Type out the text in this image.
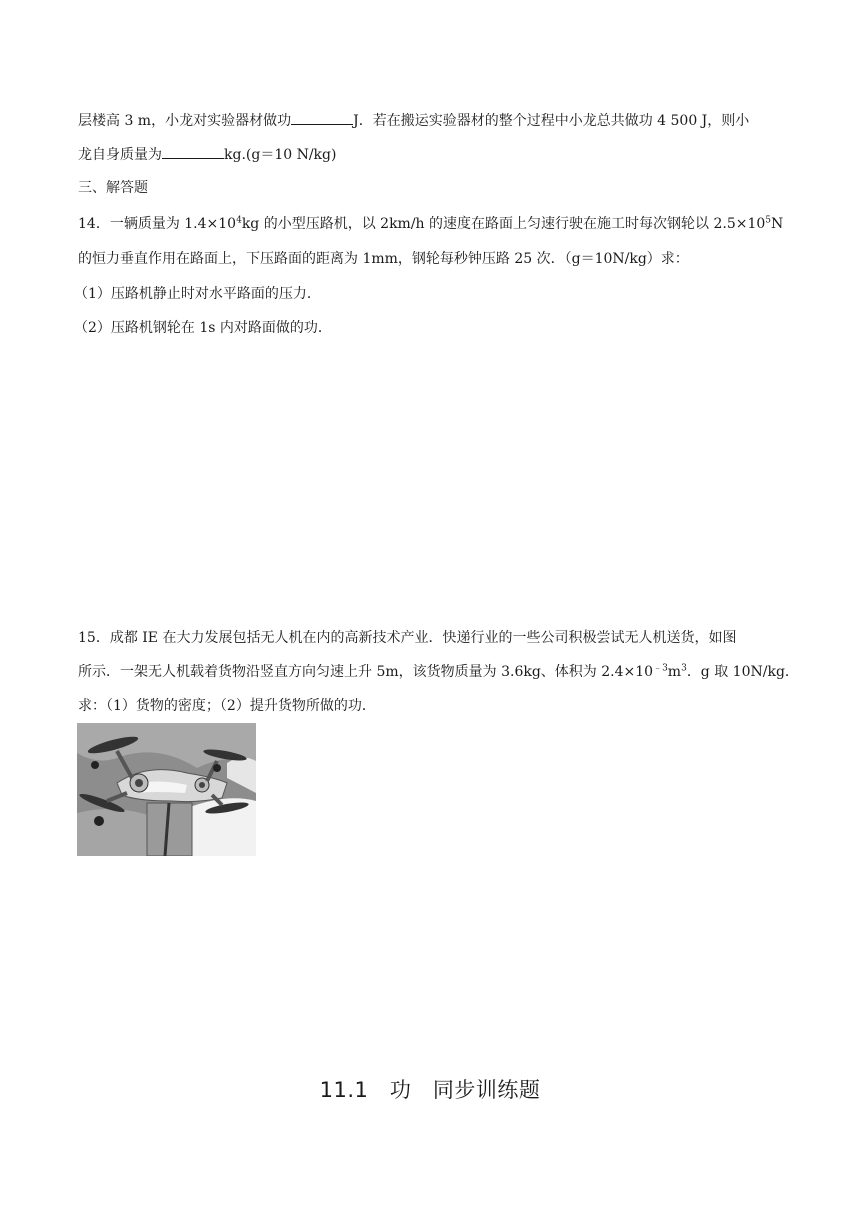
层楼高 3 m，小龙对实验器材做功	J．若在搬运实验器材的整个过程中小龙总共做功 4 500 J，则小
龙自身质量为	kg.(g＝10 N/kg)
三、解答题
14．一辆质量为 $1.4\times 10^4kg$ 的小型压路机，以 2km/h 的速度在路面上匀速行驶在施工时每次钢轮以 $2.5\times 10^5N$
的恒力垂直作用在路面上，下压路面的距离为 1mm，钢轮每秒钟压路 25 次．（g＝10N/kg）求：
（1）压路机静止时对水平路面的压力．
（2）压路机钢轮在 1s 内对路面做的功．
15．成都 IE 在大力发展包括无人机在内的高新技术产业．快递行业的一些公司积极尝试无人机送货，如图
所示．一架无人机载着货物沿竖直方向匀速上升 5m，该货物质量为 3.6kg、体积为 $2.4\times 10^{﹣3}m^3$．g 取 10N/kg．
求：（1）货物的密度；（2）提升货物所做的功．
11.1　功　同步训练题
